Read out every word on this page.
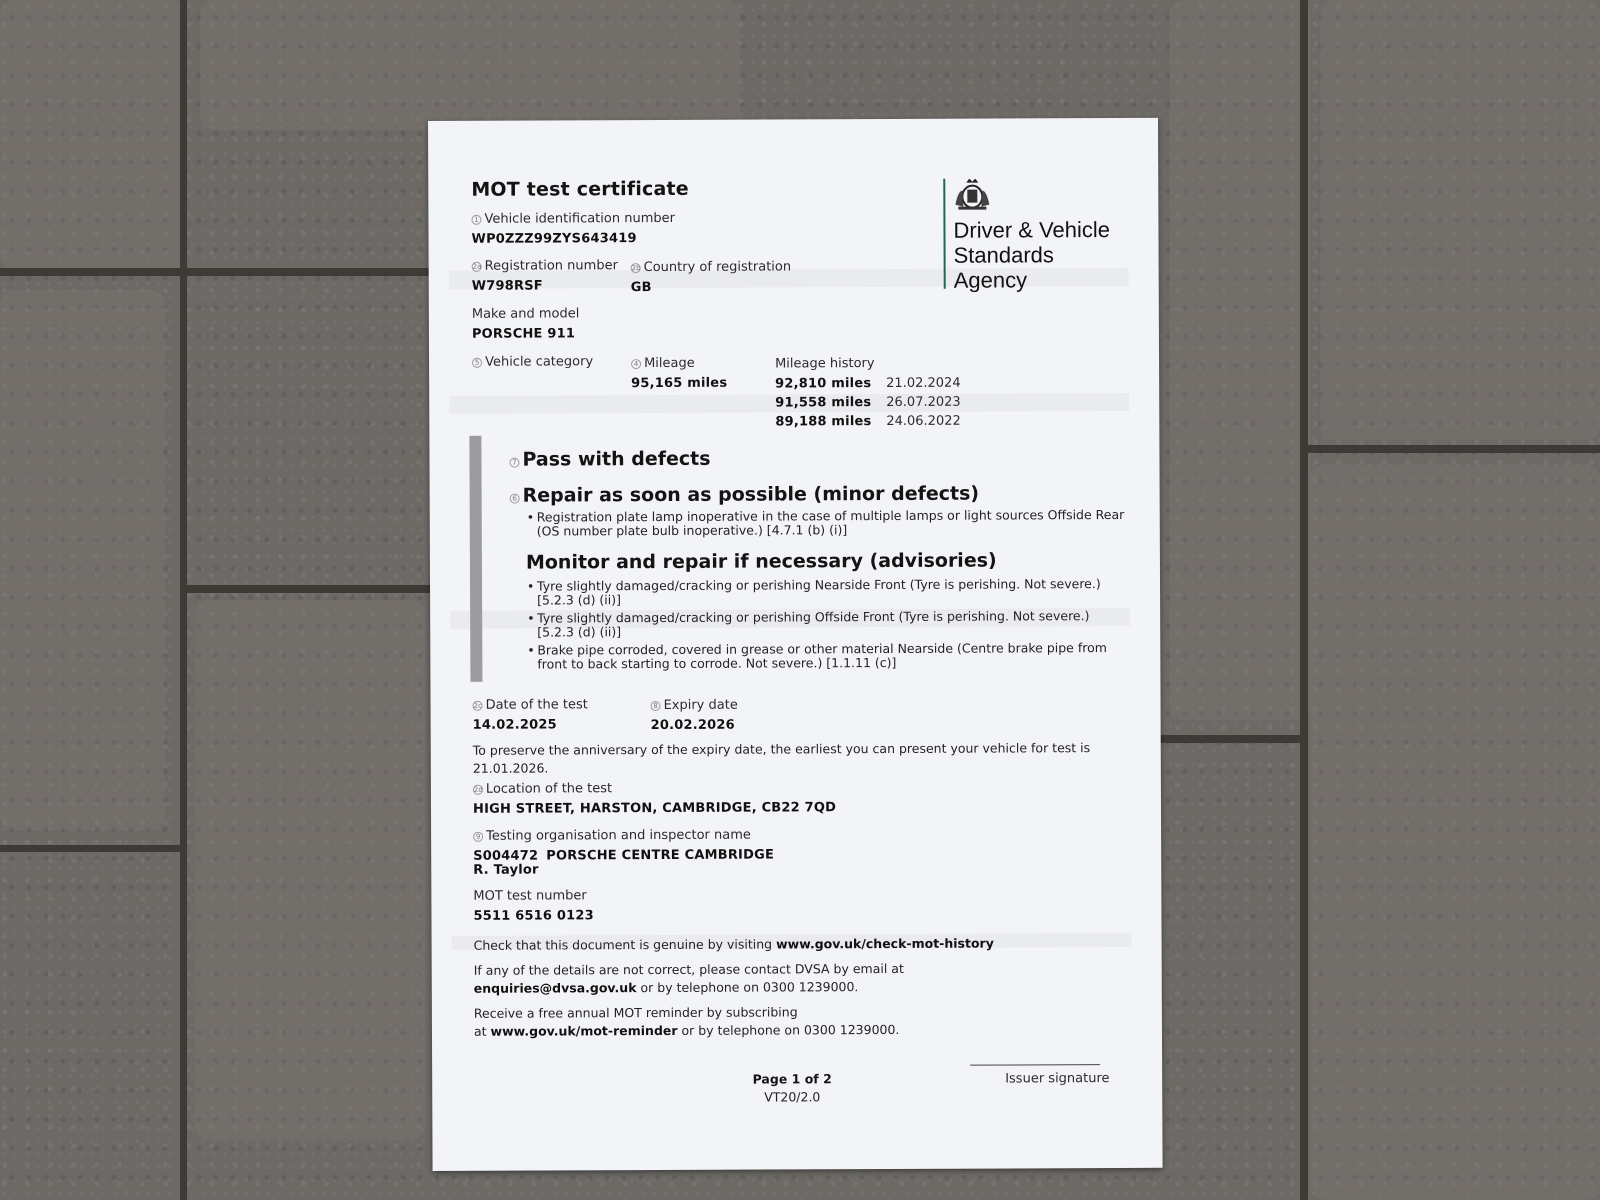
MOT test certificate
Driver & Vehicle
Standards
Agency
1 Vehicle identification number
WP0ZZZ99ZYS643419
2a Registration number
W798RSF
2b Country of registration
GB
Make and model
PORSCHE 911
5 Vehicle category	4 Mileage
95,165 miles
Mileage history
92,810 miles 21.02.2024
91,558 miles 26.07.2023
89,188 miles 24.06.2022
7 Pass with defects
6 Repair as soon as possible (minor defects)
• Registration plate lamp inoperative in the case of multiple lamps or light sources Offside Rear
(OS number plate bulb inoperative.) [4.7.1 (b) (i)]
Monitor and repair if necessary (advisories)
• Tyre slightly damaged/cracking or perishing Nearside Front (Tyre is perishing. Not severe.)
[5.2.3 (d) (ii)]
• Tyre slightly damaged/cracking or perishing Offside Front (Tyre is perishing. Not severe.)
[5.2.3 (d) (ii)]
• Brake pipe corroded, covered in grease or other material Nearside (Centre brake pipe from
front to back starting to corrode. Not severe.) [1.1.11 (c)]
2c Date of the test
14.02.2025
8 Expiry date
20.02.2026
To preserve the anniversary of the expiry date, the earliest you can present your vehicle for test is
21.01.2026.
2d Location of the test
HIGH STREET, HARSTON, CAMBRIDGE, CB22 7QD
9 Testing organisation and inspector name
S004472 PORSCHE CENTRE CAMBRIDGE
R. Taylor
MOT test number
5511 6516 0123
Check that this document is genuine by visiting www.gov.uk/check-mot-history
If any of the details are not correct, please contact DVSA by email at
enquiries@dvsa.gov.uk or by telephone on 0300 1239000.
Receive a free annual MOT reminder by subscribing
at www.gov.uk/mot-reminder or by telephone on 0300 1239000.
Issuer signature
Page 1 of 2
VT20/2.0
